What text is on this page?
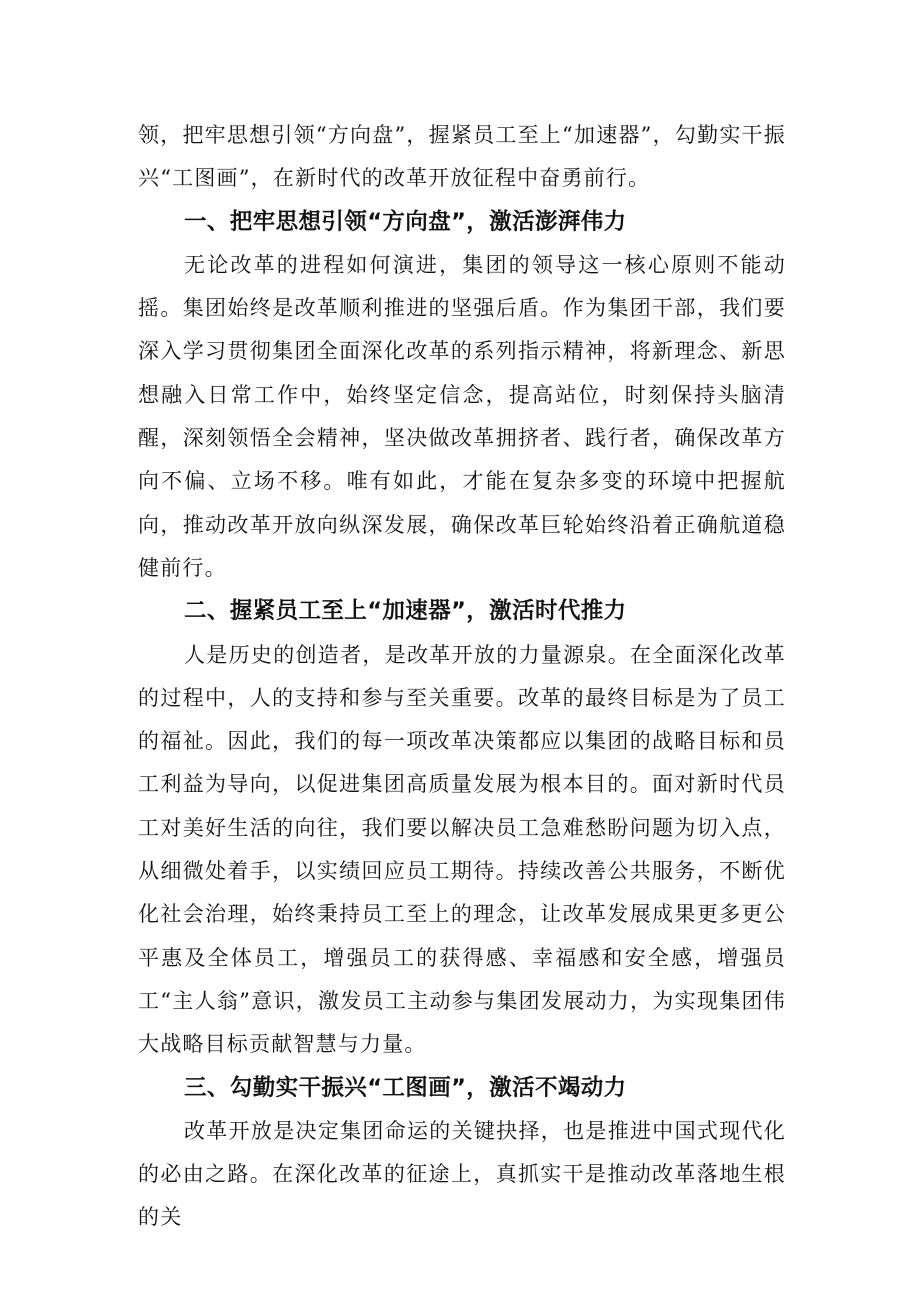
领，把牢思想引领“方向盘”，握紧员工至上“加速器”，勾勤实干振兴“工图画”，在新时代的改革开放征程中奋勇前行。

一、把牢思想引领“方向盘”，激活澎湃伟力

无论改革的进程如何演进，集团的领导这一核心原则不能动摇。集团始终是改革顺利推进的坚强后盾。作为集团干部，我们要深入学习贯彻集团全面深化改革的系列指示精神，将新理念、新思想融入日常工作中，始终坚定信念，提高站位，时刻保持头脑清醒，深刻领悟全会精神，坚决做改革拥挤者、践行者，确保改革方向不偏、立场不移。唯有如此，才能在复杂多变的环境中把握航向，推动改革开放向纵深发展，确保改革巨轮始终沿着正确航道稳健前行。

二、握紧员工至上“加速器”，激活时代推力

人是历史的创造者，是改革开放的力量源泉。在全面深化改革的过程中，人的支持和参与至关重要。改革的最终目标是为了员工的福祉。因此，我们的每一项改革决策都应以集团的战略目标和员工利益为导向，以促进集团高质量发展为根本目的。面对新时代员工对美好生活的向往，我们要以解决员工急难愁盼问题为切入点，从细微处着手，以实绩回应员工期待。持续改善公共服务，不断优化社会治理，始终秉持员工至上的理念，让改革发展成果更多更公平惠及全体员工，增强员工的获得感、幸福感和安全感，增强员工“主人翁”意识，激发员工主动参与集团发展动力，为实现集团伟大战略目标贡献智慧与力量。

三、勾勤实干振兴“工图画”，激活不竭动力

改革开放是决定集团命运的关键抉择，也是推进中国式现代化的必由之路。在深化改革的征途上，真抓实干是推动改革落地生根的关
